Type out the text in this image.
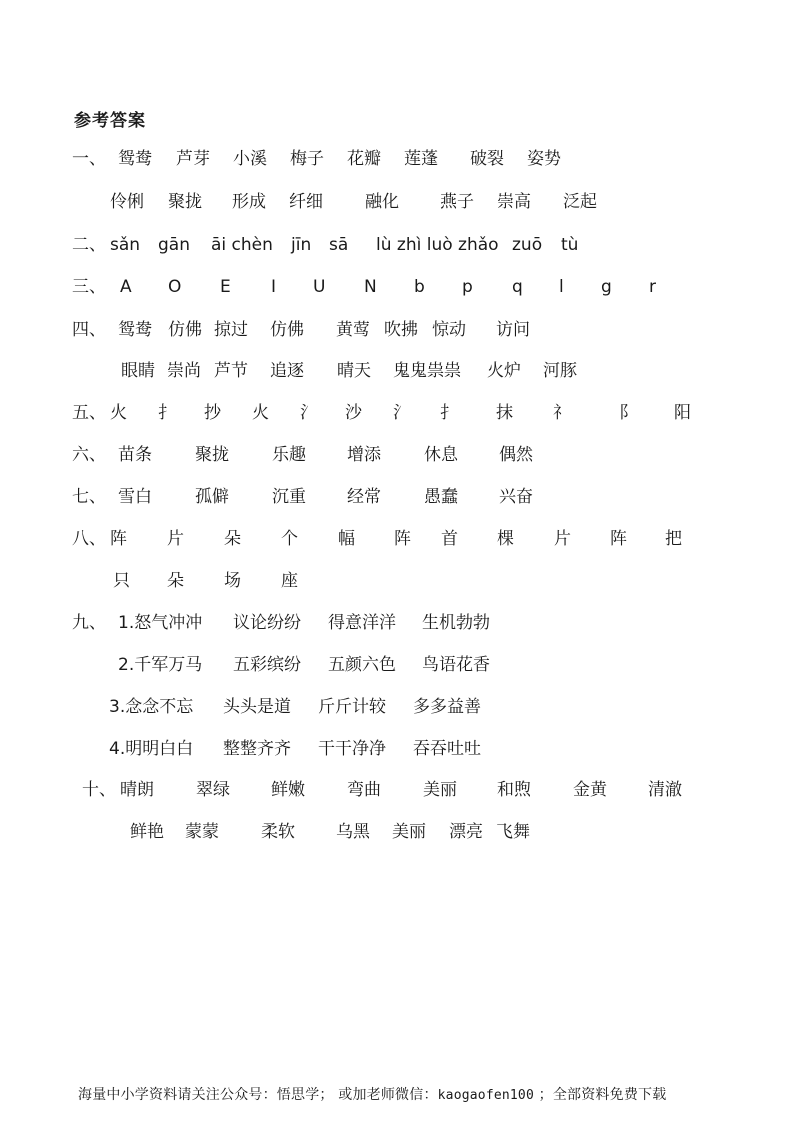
参考答案
一、 鸳鸯 芦芽 小溪 梅子 花瓣 莲蓬 破裂 姿势
伶俐 聚拢 形成 纤细 融化 燕子 崇高 泛起
二、 sǎn gān āi chèn jīn sā lù zhì luò zhǎo zuō tù
三、 A O E I U N b p q l g r
四、 鸳鸯 仿佛 掠过 仿佛 黄莺 吹拂 惊动 访问
眼睛 崇尚 芦节 追逐 晴天 鬼鬼祟祟 火炉 河豚
五、 火 扌 抄 火 氵 沙 氵 扌 抹 礻	阝 阳
六、 苗条	聚拢	乐趣 增添	休息 偶然
七、 雪白	孤僻	沉重 经常	愚蠢 兴奋
八、 阵 片 朵 个 幅 阵 首 棵 片 阵 把
只 朵 场 座
九、 1.怒气冲冲 议论纷纷 得意洋洋 生机勃勃
2.千军万马 五彩缤纷 五颜六色 鸟语花香
3.念念不忘 头头是道 斤斤计较 多多益善
4.明明白白 整整齐齐 干干净净 吞吞吐吐
十、 晴朗 翠绿 鲜嫩 弯曲 美丽 和煦 金黄 清澈
鲜艳 蒙蒙 柔软 乌黑 美丽 漂亮 飞舞
海量中小学资料请关注公众号：悟思学； 或加老师微信：kaogaofen100 ；全部资料免费下载
